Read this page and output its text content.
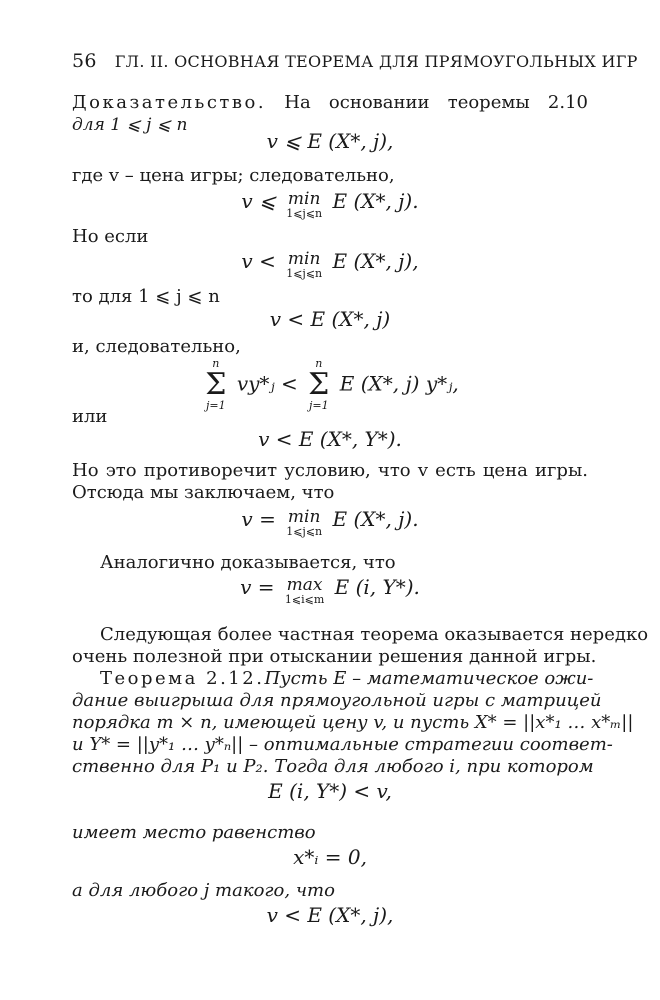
56 ГЛ. II. ОСНОВНАЯ ТЕОРЕМА ДЛЯ ПРЯМОУГОЛЬНЫХ ИГР
Доказательство. На основании теоремы 2.10
для 1 ⩽ j ⩽ n
v ⩽ E (X*, j),
где v – цена игры; следовательно,
v ⩽ min
1⩽j⩽n
E (X*, j).
Но если
v < min
1⩽j⩽n
E (X*, j),
то для 1 ⩽ j ⩽ n
v < E (X*, j)
и, следовательно,
n
Σ
j=1
vy*ⱼ <
n
Σ
j=1
E (X*, j) y*ⱼ,
или
v < E (X*, Y*).
Но это противоречит условию, что v есть цена игры.
Отсюда мы заключаем, что
v = min
1⩽j⩽n
E (X*, j).
Аналогично доказывается, что
v = max
1⩽i⩽m
E (i, Y*).
Следующая более частная теорема оказывается нередко
очень полезной при отыскании решения данной игры.
Теорема 2.12. Пусть E – математическое ожи-
дание выигрыша для прямоугольной игры с матрицей
порядка m × n, имеющей цену v, и пусть X* = ||x*₁ … x*ₘ||
и Y* = ||y*₁ … y*ₙ|| – оптимальные стратегии соответ-
ственно для P₁ и P₂. Тогда для любого i, при котором
E (i, Y*) < v,
имеет место равенство
x*ᵢ = 0,
а для любого j такого, что
v < E (X*, j),
